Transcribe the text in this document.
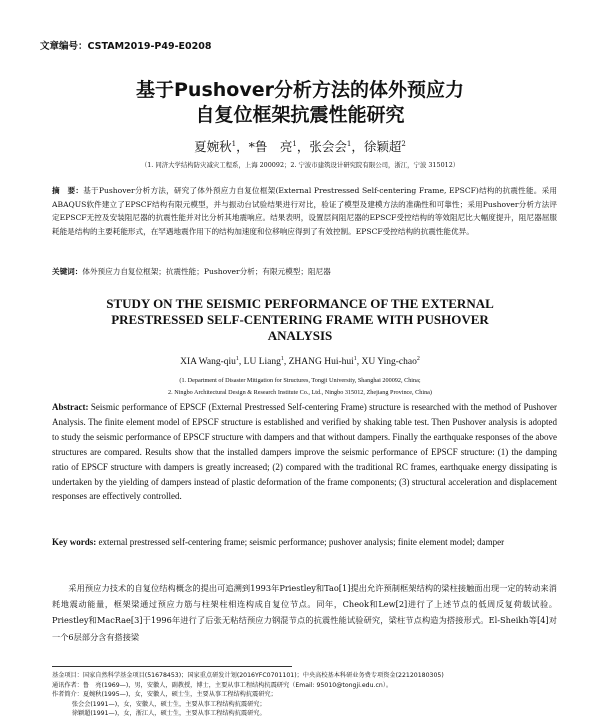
文章编号：CSTAM2019-P49-E0208
基于Pushover分析方法的体外预应力
自复位框架抗震性能研究
夏婉秋$^1$，*鲁　亮$^1$，张会会$^1$，徐颖超$^2$
（1. 同济大学结构防灾减灾工程系，上海 200092；2. 宁波市建筑设计研究院有限公司，浙江，宁波 315012）
摘　要：基于Pushover分析方法，研究了体外预应力自复位框架(External Prestressed Self-centering Frame, EPSCF)结构的抗震性能。采用ABAQUS软件建立了EPSCF结构有限元模型，并与振动台试验结果进行对比，验证了模型及建模方法的准确性和可靠性；采用Pushover分析方法评定EPSCF无控及安装阻尼器的抗震性能并对比分析其地震响应。结果表明，设置层间阻尼器的EPSCF受控结构的等效阻尼比大幅度提升，阻尼器屈服耗能是结构的主要耗能形式，在罕遇地震作用下的结构加速度和位移响应得到了有效控制。EPSCF受控结构的抗震性能优异。
关键词：体外预应力自复位框架；抗震性能；Pushover分析；有限元模型；阻尼器
STUDY ON THE SEISMIC PERFORMANCE OF THE EXTERNAL
PRESTRESSED SELF-CENTERING FRAME WITH PUSHOVER
ANALYSIS
XIA Wang-qiu$^1$, LU Liang$^1$, ZHANG Hui-hui$^1$, XU Ying-chao$^2$
(1. Department of Disaster Mitigation for Structures, Tongji University, Shanghai 200092, China;
2. Ningbo Architectural Design & Research Institute Co., Ltd., Ningbo 315012, Zhejiang Province, China)
Abstract: Seismic performance of EPSCF (External Prestressed Self-centering Frame) structure is researched with the method of Pushover Analysis. The finite element model of EPSCF structure is established and verified by shaking table test. Then Pushover analysis is adopted to study the seismic performance of EPSCF structure with dampers and that without dampers. Finally the earthquake responses of the above structures are compared. Results show that the installed dampers improve the seismic performance of EPSCF structure: (1) the damping ratio of EPSCF structure with dampers is greatly increased; (2) compared with the traditional RC frames, earthquake energy dissipating is undertaken by the yielding of dampers instead of plastic deformation of the frame components; (3) structural acceleration and displacement responses are effectively controlled.
Key words: external prestressed self-centering frame; seismic performance; pushover analysis; finite element model; damper
采用预应力技术的自复位结构概念的提出可追溯到1993年Priestley和Tao[1]提出允许预制框架结构的梁柱接触面出现一定的转动来消耗地震动能量，框架梁通过预应力筋与柱架柱相连构成自复位节点。同年，Cheok和Lew[2]进行了上述节点的低周反复荷载试验。Priestley和MacRae[3]于1996年进行了后张无粘结预应力钢混节点的抗震性能试验研究，梁柱节点构造为搭接形式。El-Sheikh等[4]对一个6层部分含有搭接梁
基金项目：国家自然科学基金项目(51678453)；国家重点研发计划(2016YFC0701101)；中央高校基本科研业务费专项资金(22120180305)
通讯作者：鲁　亮(1969—)，男，安徽人，副教授，博士，主要从事工程结构抗震研究（Email: 95010@tongji.edu.cn）。
作者简介：夏婉秋(1995—)，女，安徽人，硕士生，主要从事工程结构抗震研究；
张会会(1991—)，女，安徽人，硕士生，主要从事工程结构抗震研究；
徐颖超(1991—)，女，浙江人，硕士生，主要从事工程结构抗震研究。
